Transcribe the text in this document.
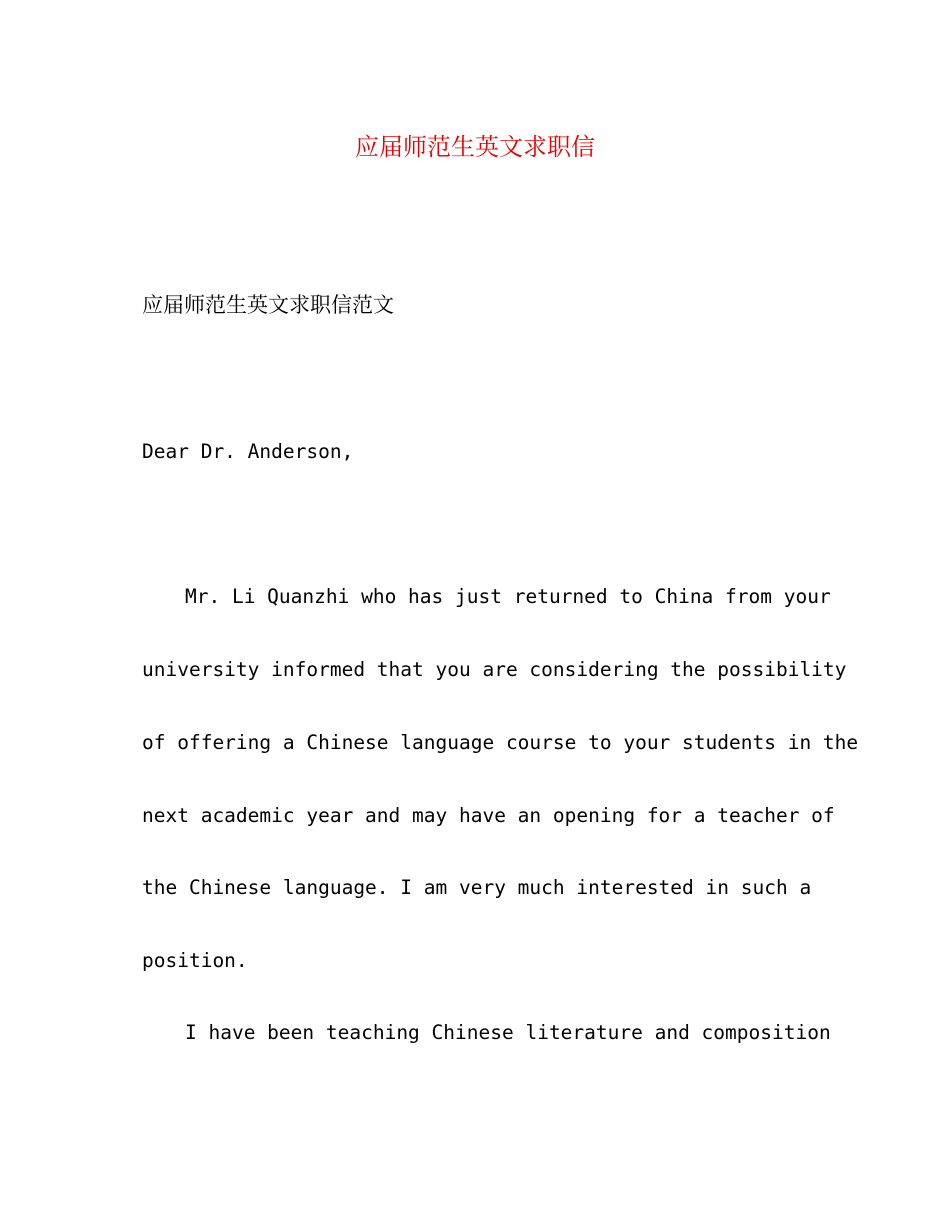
应届师范生英文求职信
应届师范生英文求职信范文
Dear Dr. Anderson,
Mr. Li Quanzhi who has just returned to China from your
university informed that you are considering the possibility
of offering a Chinese language course to your students in the
next academic year and may have an opening for a teacher of
the Chinese language. I am very much interested in such a
position.
I have been teaching Chinese literature and composition
